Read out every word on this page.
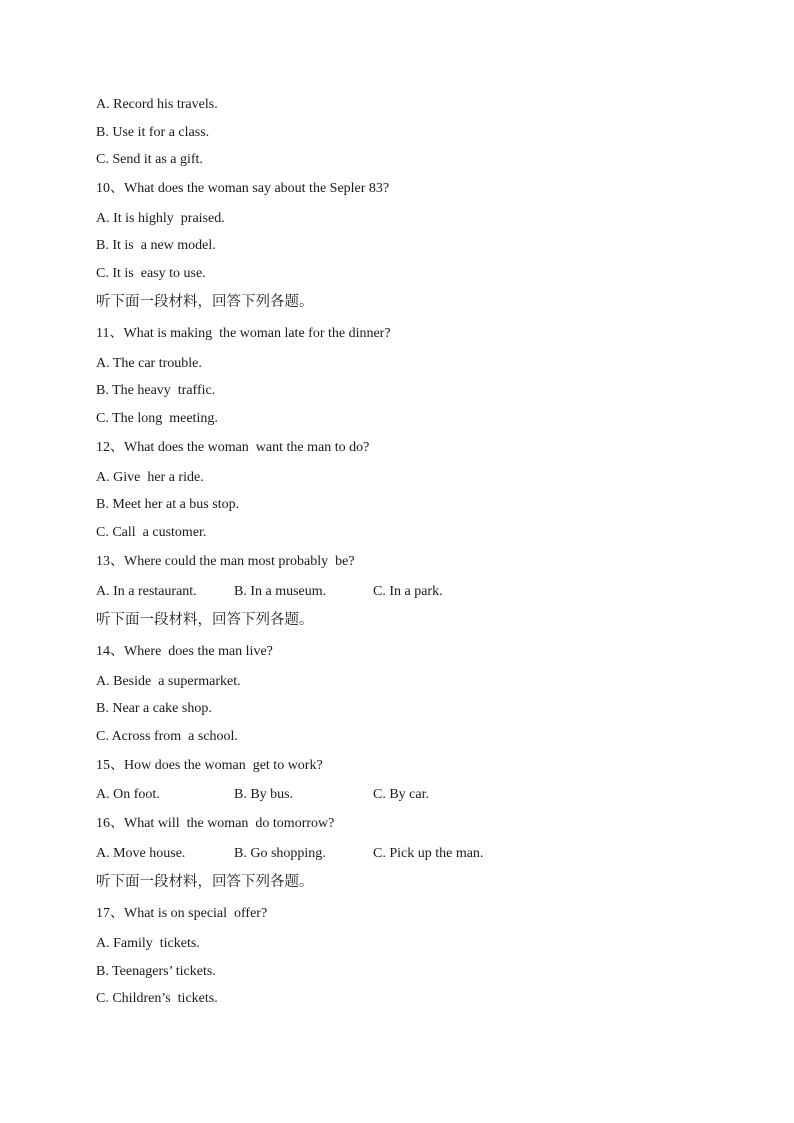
A. Record his travels.
B. Use it for a class.
C. Send it as a gift.
10、What does the woman say about the Sepler 83?
A. It is highly  praised.
B. It is  a new model.
C. It is  easy to use.
听下面一段材料，回答下列各题。
11、What is making  the woman late for the dinner?
A. The car trouble.
B. The heavy  traffic.
C. The long  meeting.
12、What does the woman  want the man to do?
A. Give  her a ride.
B. Meet her at a bus stop.
C. Call  a customer.
13、Where could the man most probably  be?
A. In a restaurant.	B. In a museum.	C. In a park.
听下面一段材料，回答下列各题。
14、Where  does the man live?
A. Beside  a supermarket.
B. Near a cake shop.
C. Across from  a school.
15、How does the woman  get to work?
A. On foot.	B. By bus.	C. By car.
16、What will  the woman  do tomorrow?
A. Move house.	B. Go shopping.	C. Pick up the man.
听下面一段材料，回答下列各题。
17、What is on special  offer?
A. Family  tickets.
B. Teenagers’ tickets.
C. Children’s  tickets.
